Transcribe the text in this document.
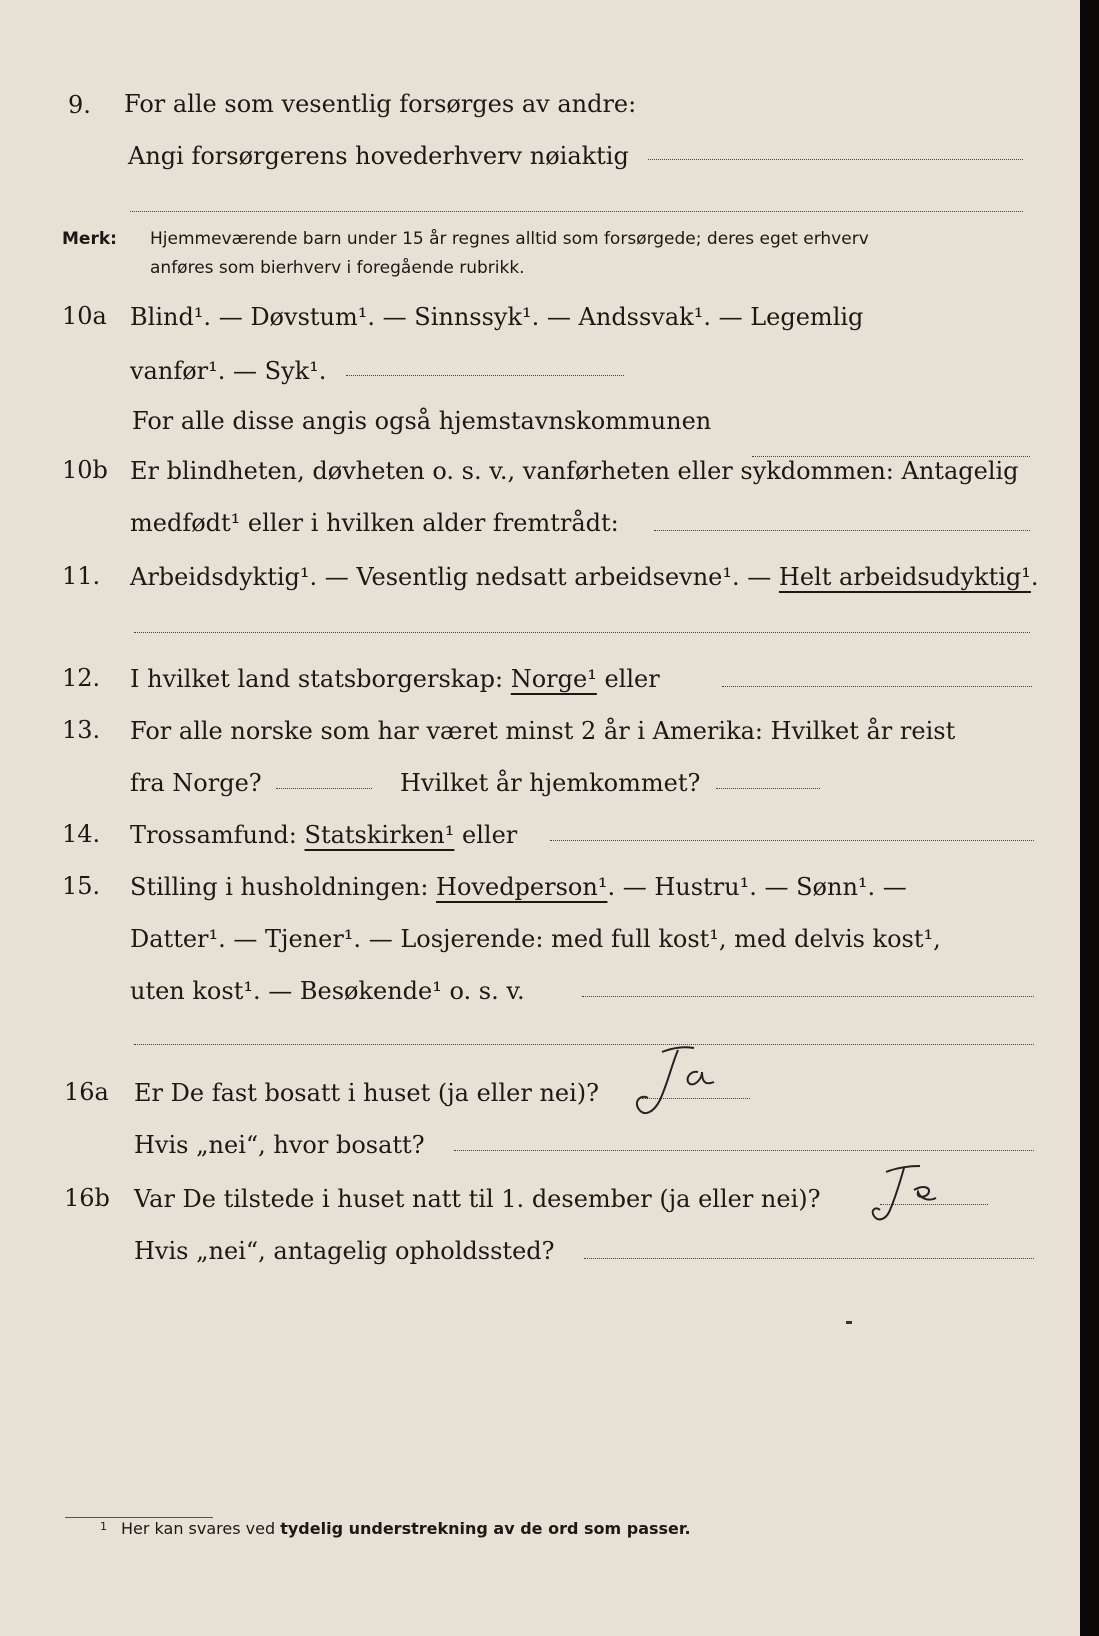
9. For alle som vesentlig forsørges av andre:
Angi forsørgerens hovederhverv nøiaktig
Merk: Hjemmeværende barn under 15 år regnes alltid som forsørgede; deres eget erhverv
anføres som bierhverv i foregående rubrikk.
10a Blind¹. — Døvstum¹. — Sinnssyk¹. — Andssvak¹. — Legemlig
vanfør¹. — Syk¹.
For alle disse angis også hjemstavnskommunen
10b Er blindheten, døvheten o. s. v., vanførheten eller sykdommen: Antagelig
medfødt¹ eller i hvilken alder fremtrådt:
11. Arbeidsdyktig¹. — Vesentlig nedsatt arbeidsevne¹. — Helt arbeidsudyktig¹.
12. I hvilket land statsborgerskap: Norge¹ eller
13. For alle norske som har været minst 2 år i Amerika: Hvilket år reist
fra Norge?	Hvilket år hjemkommet?
14. Trossamfund: Statskirken¹ eller
15. Stilling i husholdningen: Hovedperson¹. — Hustru¹. — Sønn¹. —
Datter¹. — Tjener¹. — Losjerende: med full kost¹, med delvis kost¹,
uten kost¹. — Besøkende¹ o. s. v.
16a Er De fast bosatt i huset (ja eller nei)?
Hvis „nei“, hvor bosatt?
16b Var De tilstede i huset natt til 1. desember (ja eller nei)?
Hvis „nei“, antagelig opholdssted?
$^1$ Her kan svares ved tydelig understrekning av de ord som passer.
